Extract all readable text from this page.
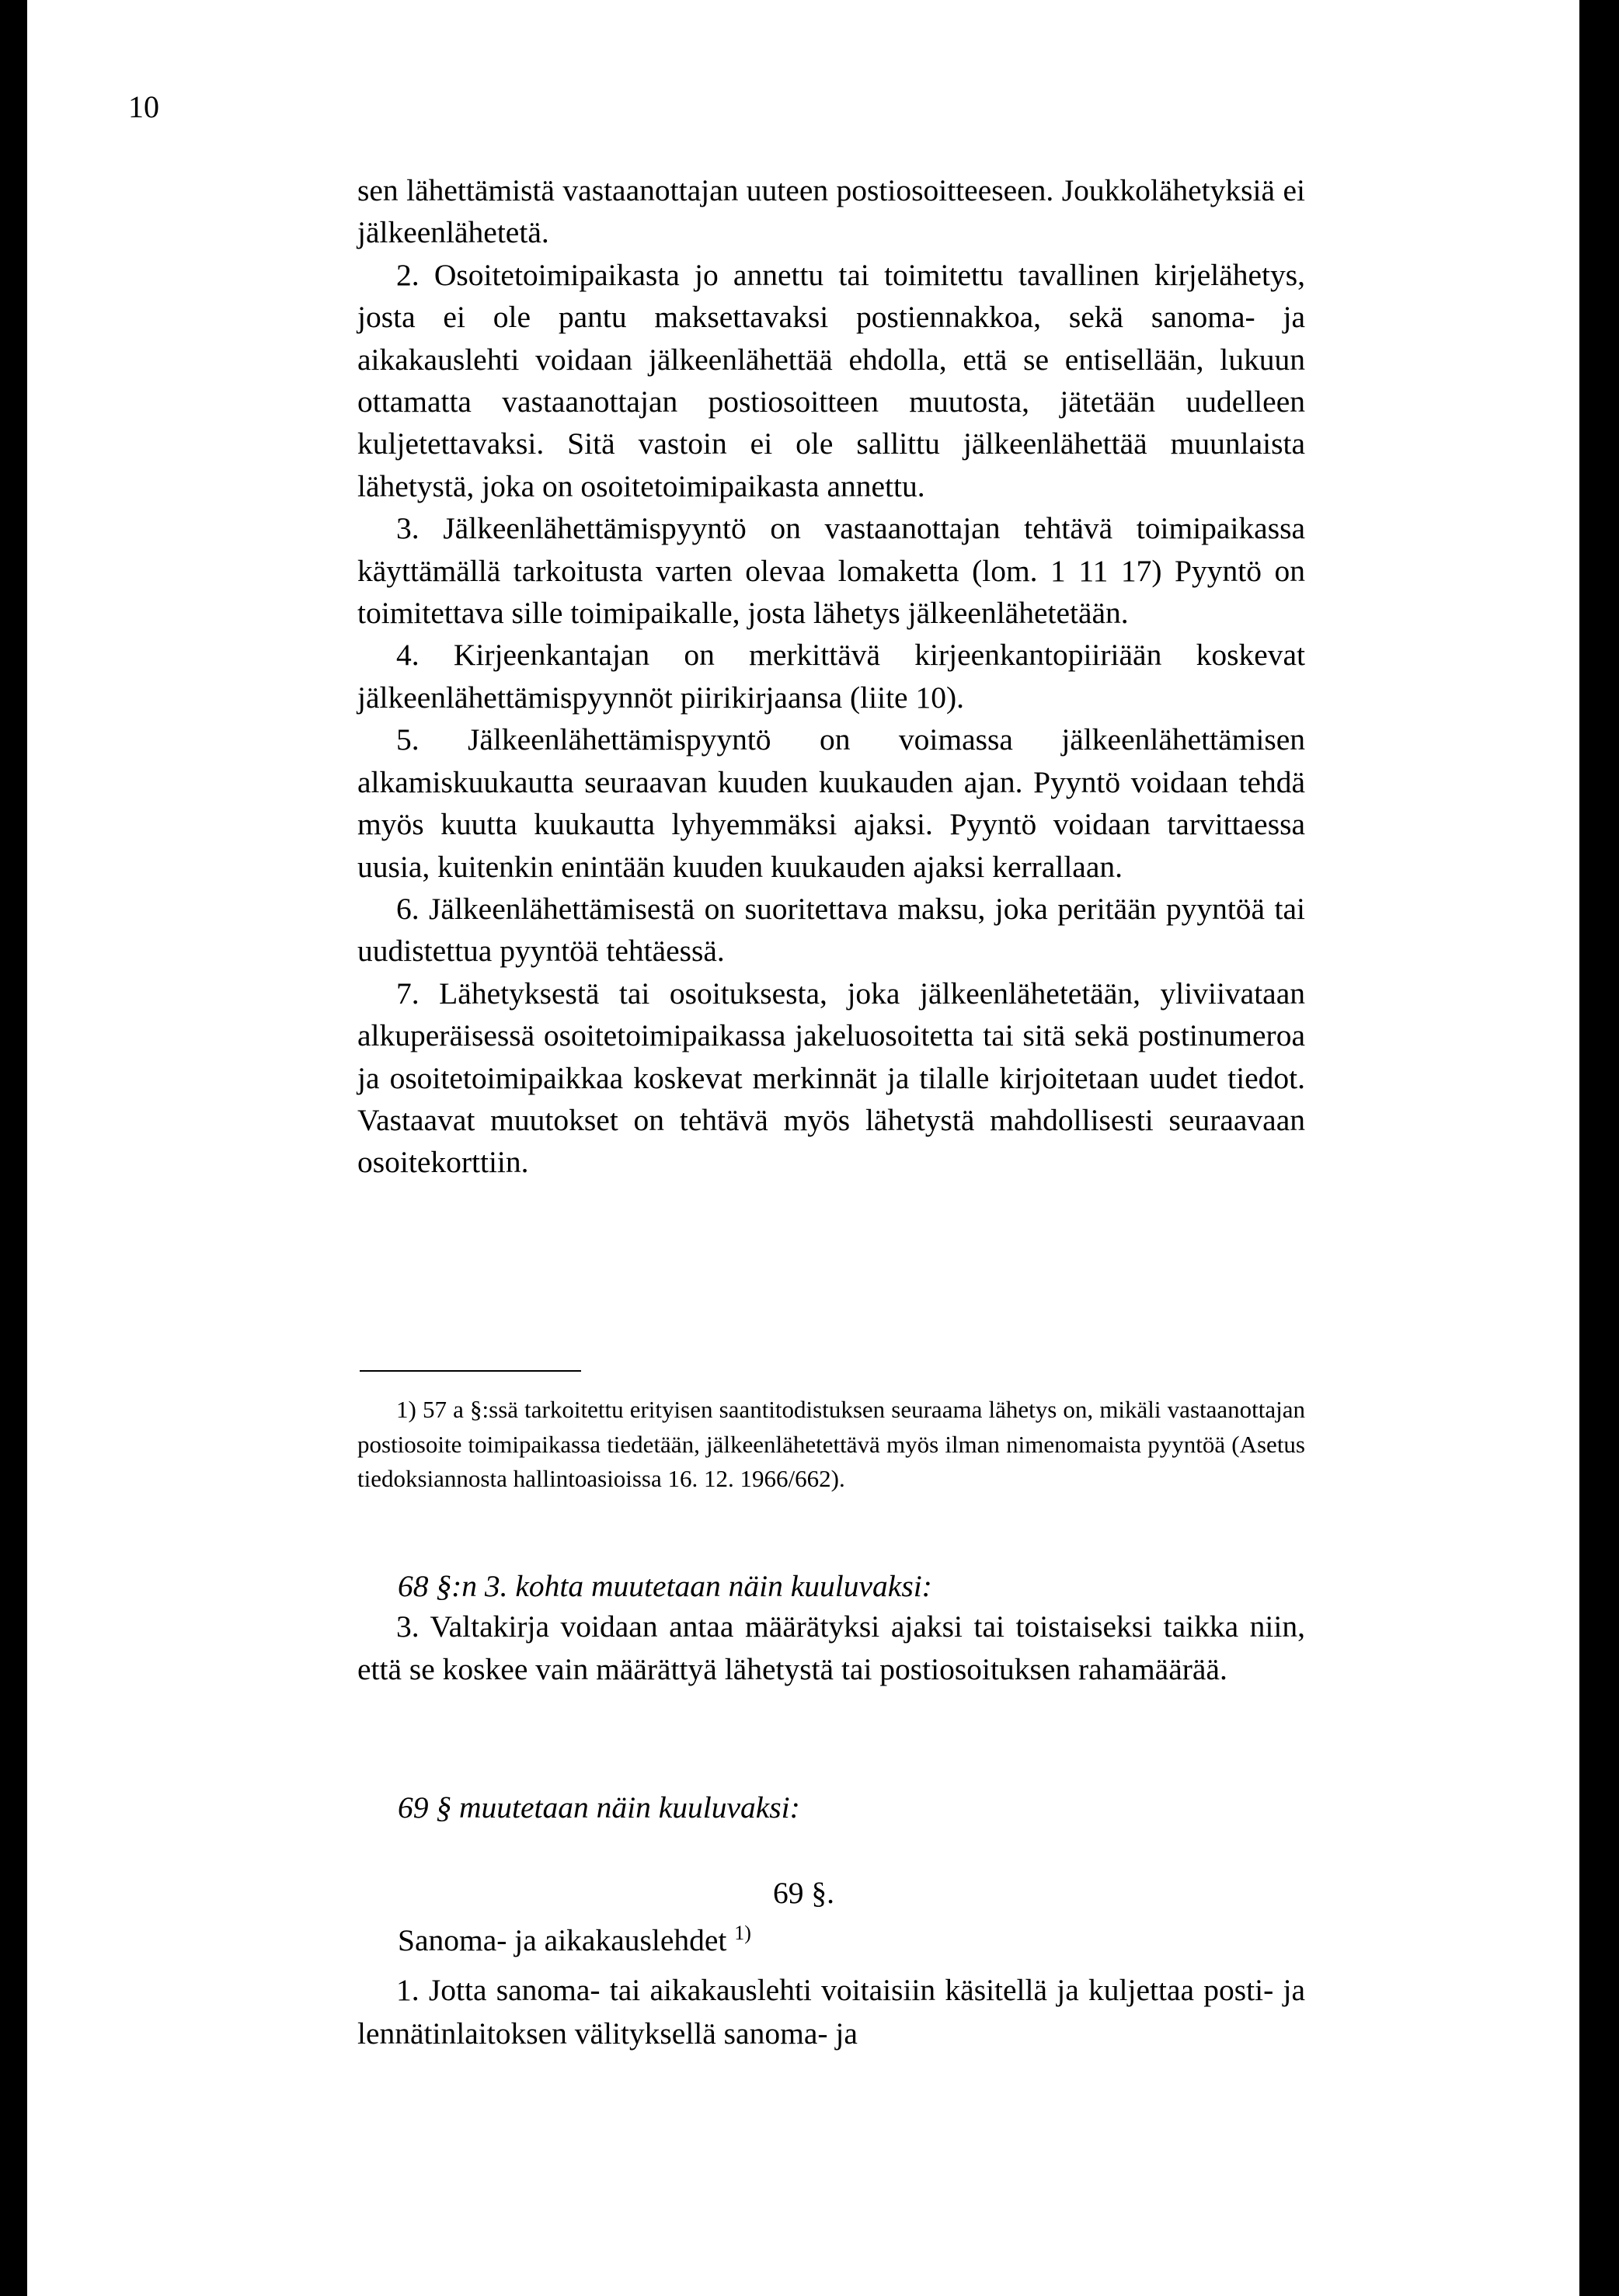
10

sen lähettämistä vastaanottajan uuteen postiosoitteeseen. Joukkolähetyksiä ei jälkeenlähetetä.

2. Osoitetoimipaikasta jo annettu tai toimitettu tavallinen kirjelähetys, josta ei ole pantu maksettavaksi postiennakkoa, sekä sanoma- ja aikakauslehti voidaan jälkeenlähettää ehdolla, että se entisellään, lukuun ottamatta vastaanottajan postiosoitteen muutosta, jätetään uudelleen kuljetettavaksi. Sitä vastoin ei ole sallittu jälkeenlähettää muunlaista lähetystä, joka on osoitetoimipaikasta annettu.

3. Jälkeenlähettämispyyntö on vastaanottajan tehtävä toimipaikassa käyttämällä tarkoitusta varten olevaa lomaketta (lom. 1 11 17) Pyyntö on toimitettava sille toimipaikalle, josta lähetys jälkeenlähetetään.

4. Kirjeenkantajan on merkittävä kirjeenkantopiiriään koskevat jälkeenlähettämispyynnöt piirikirjaansa (liite 10).

5. Jälkeenlähettämispyyntö on voimassa jälkeenlähettämisen alkamiskuukautta seuraavan kuuden kuukauden ajan. Pyyntö voidaan tehdä myös kuutta kuukautta lyhyemmäksi ajaksi. Pyyntö voidaan tarvittaessa uusia, kuitenkin enintään kuuden kuukauden ajaksi kerrallaan.

6. Jälkeenlähettämisestä on suoritettava maksu, joka peritään pyyntöä tai uudistettua pyyntöä tehtäessä.

7. Lähetyksestä tai osoituksesta, joka jälkeenlähetetään, yliviivataan alkuperäisessä osoitetoimipaikassa jakeluosoitetta tai sitä sekä postinumeroa ja osoitetoimipaikkaa koskevat merkinnät ja tilalle kirjoitetaan uudet tiedot. Vastaavat muutokset on tehtävä myös lähetystä mahdollisesti seuraavaan osoitekorttiin.

1) 57 a §:ssä tarkoitettu erityisen saantitodistuksen seuraama lähetys on, mikäli vastaanottajan postiosoite toimipaikassa tiedetään, jälkeenlähetettävä myös ilman nimenomaista pyyntöä (Asetus tiedoksiannosta hallintoasioissa 16. 12. 1966/662).

68 §:n 3. kohta muutetaan näin kuuluvaksi:

3. Valtakirja voidaan antaa määrätyksi ajaksi tai toistaiseksi taikka niin, että se koskee vain määrättyä lähetystä tai postiosoituksen rahamäärää.

69 § muutetaan näin kuuluvaksi:
69 §.
Sanoma- ja aikakauslehdet $^{1)}$

1. Jotta sanoma- tai aikakauslehti voitaisiin käsitellä ja kuljettaa posti- ja lennätinlaitoksen välityksellä sanoma- ja
